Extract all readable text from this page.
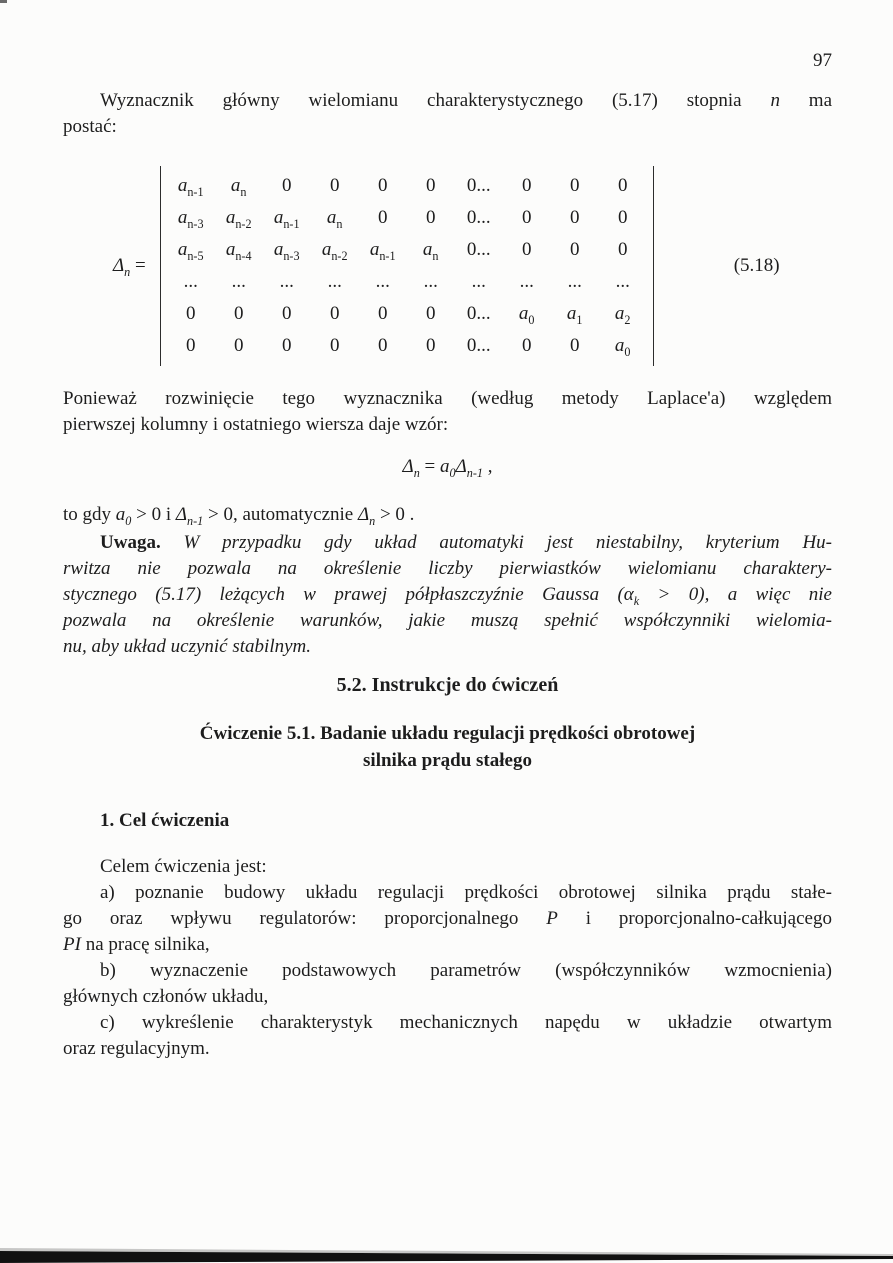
97
Wyznacznik główny wielomianu charakterystycznego (5.17) stopnia n ma
postać:
$\Delta_n$ =
$a_{n-1}$	$a_n$	0	0	0	0	0...	0	0	0
$a_{n-3}$	$a_{n-2}$	$a_{n-1}$	$a_n$	0	0	0...	0	0	0
$a_{n-5}$	$a_{n-4}$	$a_{n-3}$	$a_{n-2}$	$a_{n-1}$	$a_n$	0...	0	0	0
...	...	...	...	...	...	...	...	...	...
0	0	0	0	0	0	0...	$a_0$	$a_1$	$a_2$
0	0	0	0	0	0	0...	0	0	$a_0$
(5.18)
Ponieważ rozwinięcie tego wyznacznika (według metody Laplace'a) względem
pierwszej kolumny i ostatniego wiersza daje wzór:
$\Delta_n = a_0\Delta_{n-1}$ ,
to gdy $a_0 > 0$ i $\Delta_{n-1} > 0$, automatycznie $\Delta_n > 0$ .
Uwaga. W przypadku gdy układ automatyki jest niestabilny, kryterium Hu-
rwitza nie pozwala na określenie liczby pierwiastków wielomianu charaktery-
stycznego (5.17) leżących w prawej półpłaszczyźnie Gaussa $(\alpha_k > 0)$, a więc nie
pozwala na określenie warunków, jakie muszą spełnić współczynniki wielomia-
nu, aby układ uczynić stabilnym.
5.2. Instrukcje do ćwiczeń
Ćwiczenie 5.1. Badanie układu regulacji prędkości obrotowej
silnika prądu stałego
1. Cel ćwiczenia
Celem ćwiczenia jest:
a) poznanie budowy układu regulacji prędkości obrotowej silnika prądu stałe-
go oraz wpływu regulatorów: proporcjonalnego P i proporcjonalno-całkującego
PI na pracę silnika,
b) wyznaczenie podstawowych parametrów (współczynników wzmocnienia)
głównych członów układu,
c) wykreślenie charakterystyk mechanicznych napędu w układzie otwartym
oraz regulacyjnym.
